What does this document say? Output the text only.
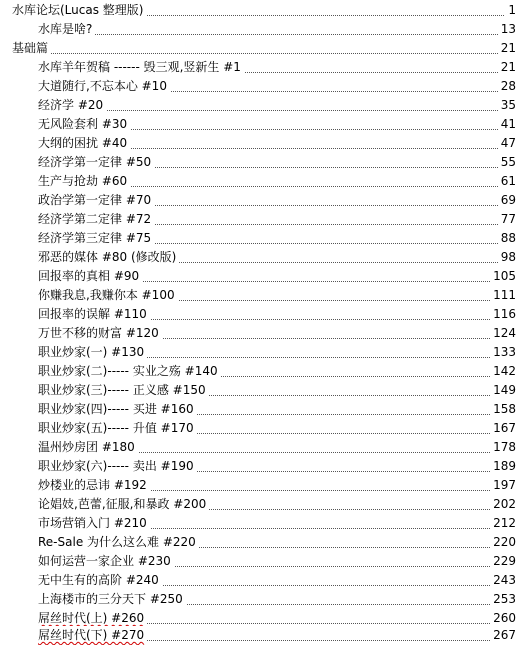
水库论坛(Lucas 整理版)	1
水库是啥?	13
基础篇	21
水库羊年贺稿 ------ 毁三观,竖新生 #1	21
大道随行,不忘本心 #10	28
经济学 #20	35
无风险套利 #30	41
大纲的困扰 #40	47
经济学第一定律 #50	55
生产与抢劫 #60	61
政治学第一定律 #70	69
经济学第二定律 #72	77
经济学第三定律 #75	88
邪恶的媒体 #80 (修改版)	98
回报率的真相 #90	105
你赚我息,我赚你本 #100	111
回报率的误解 #110	116
万世不移的财富 #120	124
职业炒家(一) #130	133
职业炒家(二)----- 实业之殇 #140	142
职业炒家(三)----- 正义感 #150	149
职业炒家(四)----- 买进 #160	158
职业炒家(五)----- 升值 #170	167
温州炒房团 #180	178
职业炒家(六)----- 卖出 #190	189
炒楼业的忌讳 #192	197
论娼妓,芭蕾,征服,和暴政 #200	202
市场营销入门 #210	212
Re-Sale 为什么这么难 #220	220
如何运营一家企业 #230	229
无中生有的高阶 #240	243
上海楼市的三分天下 #250	253
屌丝时代(上) #260	260
屌丝时代(下) #270	267
